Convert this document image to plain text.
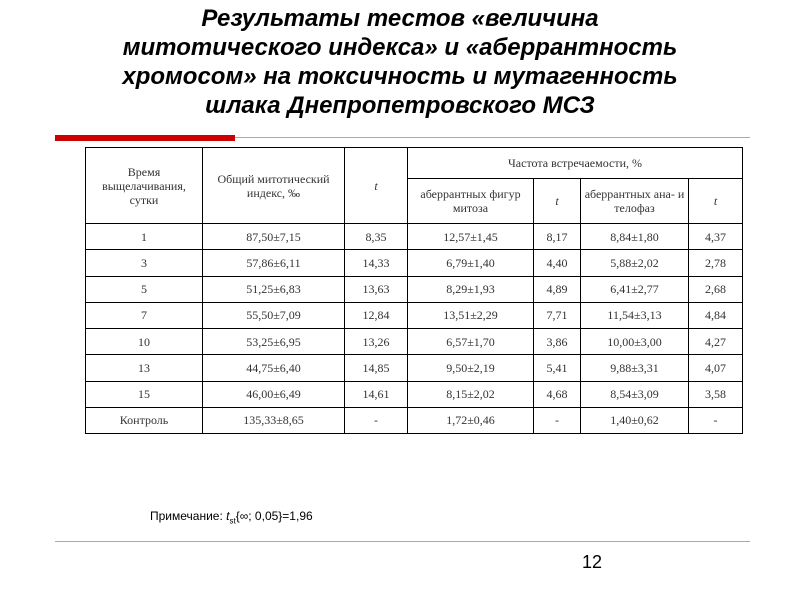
Результаты тестов «величина
митотического индекса» и «аберрантность
хромосом» на токсичность и мутагенность
шлака Днепропетровского МСЗ
Время выщелачивания, сутки	Общий митотический индекс, ‰	t	Частота встречаемости, %			
			аберрантных фигур митоза	t	аберрантных ана- и телофаз	t
1	87,50±7,15	8,35	12,57±1,45	8,17	8,84±1,80	4,37
3	57,86±6,11	14,33	6,79±1,40	4,40	5,88±2,02	2,78
5	51,25±6,83	13,63	8,29±1,93	4,89	6,41±2,77	2,68
7	55,50±7,09	12,84	13,51±2,29	7,71	11,54±3,13	4,84
10	53,25±6,95	13,26	6,57±1,70	3,86	10,00±3,00	4,27
13	44,75±6,40	14,85	9,50±2,19	5,41	9,88±3,31	4,07
15	46,00±6,49	14,61	8,15±2,02	4,68	8,54±3,09	3,58
Контроль	135,33±8,65	-	1,72±0,46	-	1,40±0,62	-
Примечание: $t_{st}\{\infty$; 0,05}=1,96
12
